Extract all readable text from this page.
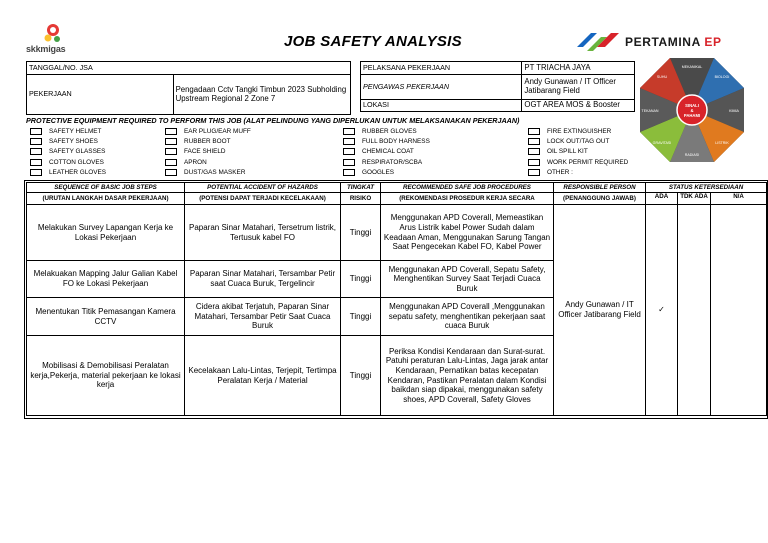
skkmigas	JOB SAFETY ANALYSIS	PERTAMINA EP
TANGGAL/NO. JSA
PEKERJAAN	Pengadaan Cctv Tangki Timbun 2023 Subholding Upstream Regional 2 Zone 7
PELAKSANA PEKERJAAN	PT TRIACHA JAYA
PENGAWAS PEKERJAAN	Andy Gunawan / IT Officer Jatibarang Field
LOKASI	OGT AREA MOS & Booster	SINALI
&
PAHAMI
MEKANIKAL
BIOLOGI
KIMIA
LISTRIK
RADIASI
GRAVITASI
TEKANAN
SUHU
PROTECTIVE EQUIPMENT REQUIRED TO PERFORM THIS JOB (ALAT PELINDUNG YANG DIPERLUKAN UNTUK MELAKSANAKAN PEKERJAAN)
SAFETY HELMET
SAFETY SHOES
SAFETY GLASSES
COTTON GLOVES
LEATHER GLOVES
EAR PLUG/EAR MUFF
RUBBER BOOT
FACE SHIELD
APRON
DUST/GAS MASKER
RUBBER GLOVES
FULL BODY HARNESS
CHEMICAL COAT
RESPIRATOR/SCBA
GOOGLES
FIRE EXTINGUISHER
LOCK OUT/TAG OUT
OIL SPILL KIT
WORK PERMIT REQUIRED
OTHER :
SEQUENCE OF BASIC JOB STEPS	POTENTIAL ACCIDENT OF HAZARDS	TINGKAT	RECOMMENDED SAFE JOB PROCEDURES	RESPONSIBLE PERSON	STATUS KETERSEDIAAN		
(URUTAN LANGKAH DASAR PEKERJAAN)	(POTENSI DAPAT TERJADI KECELAKAAN)	RISIKO	(REKOMENDASI PROSEDUR KERJA SECARA	(PENANGGUNG JAWAB)	ADA	TDK ADA	N/A
Melakukan Survey Lapangan Kerja ke Lokasi Pekerjaan	Paparan Sinar Matahari, Tersetrum listrik, Tertusuk kabel FO	Tinggi	Menggunakan APD Coverall, Memeastikan Arus Listrik kabel Power Sudah dalam Keadaan Aman, Menggunakan Sarung Tangan Saat Pengecekan Kabel FO, Kabel Power	Andy Gunawan / IT Officer Jatibarang Field	✓		
Melakuakan Mapping Jalur Galian Kabel FO ke Lokasi Pekerjaan	Paparan Sinar Matahari, Tersambar Petir saat Cuaca Buruk, Tergelincir	Tinggi	Menggunakan APD Coverall, Sepatu Safety, Menghentikan Survey Saat Terjadi Cuaca Buruk				
Menentukan Titik Pemasangan Kamera CCTV	Cidera akibat Terjatuh, Paparan Sinar Matahari, Tersambar Petir Saat Cuaca Buruk	Tinggi	Menggunakan APD Coverall ,Menggunakan sepatu safety, menghentikan pekerjaan saat cuaca Buruk				
Mobilisasi & Demobilisasi Peralatan kerja,Pekerja, material pekerjaan ke lokasi kerja	Kecelakaan Lalu-Lintas, Terjepit, Tertimpa Peralatan Kerja / Material	Tinggi	Periksa Kondisi Kendaraan dan Surat-surat. Patuhi peraturan Lalu-Lintas, Jaga jarak antar Kendaraan, Pernatikan batas kecepatan Kendaran, Pastikan Peralatan dalam Kondisi baikdan siap dipakai, menggunakan safety shoes, APD Coverall, Safety Gloves				
